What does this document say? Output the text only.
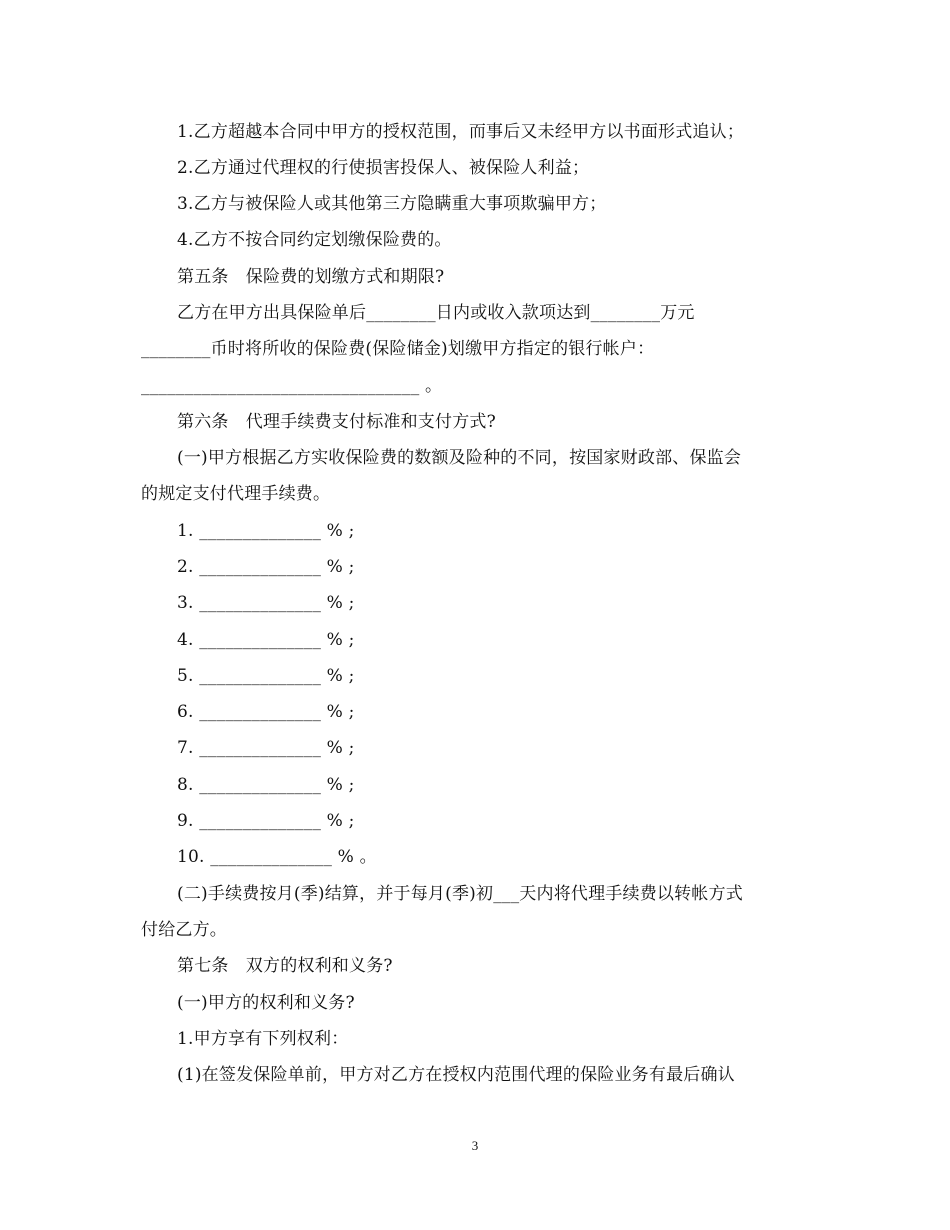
1.乙方超越本合同中甲方的授权范围，而事后又未经甲方以书面形式追认；
2.乙方通过代理权的行使损害投保人、被保险人利益；
3.乙方与被保险人或其他第三方隐瞒重大事项欺骗甲方；
4.乙方不按合同约定划缴保险费的。
第五条　保险费的划缴方式和期限?
乙方在甲方出具保险单后________日内或收入款项达到________万元
________币时将所收的保险费(保险储金)划缴甲方指定的银行帐户：
________________________________ 。
第六条　代理手续费支付标准和支付方式?
(一)甲方根据乙方实收保险费的数额及险种的不同，按国家财政部、保监会
的规定支付代理手续费。
1. ______________ % ;
2. ______________ % ;
3. ______________ % ;
4. ______________ % ;
5. ______________ % ;
6. ______________ % ;
7. ______________ % ;
8. ______________ % ;
9. ______________ % ;
10. ______________ % 。
(二)手续费按月(季)结算，并于每月(季)初___天内将代理手续费以转帐方式
付给乙方。
第七条　双方的权利和义务?
(一)甲方的权利和义务?
1.甲方享有下列权利：
(1)在签发保险单前，甲方对乙方在授权内范围代理的保险业务有最后确认
3
